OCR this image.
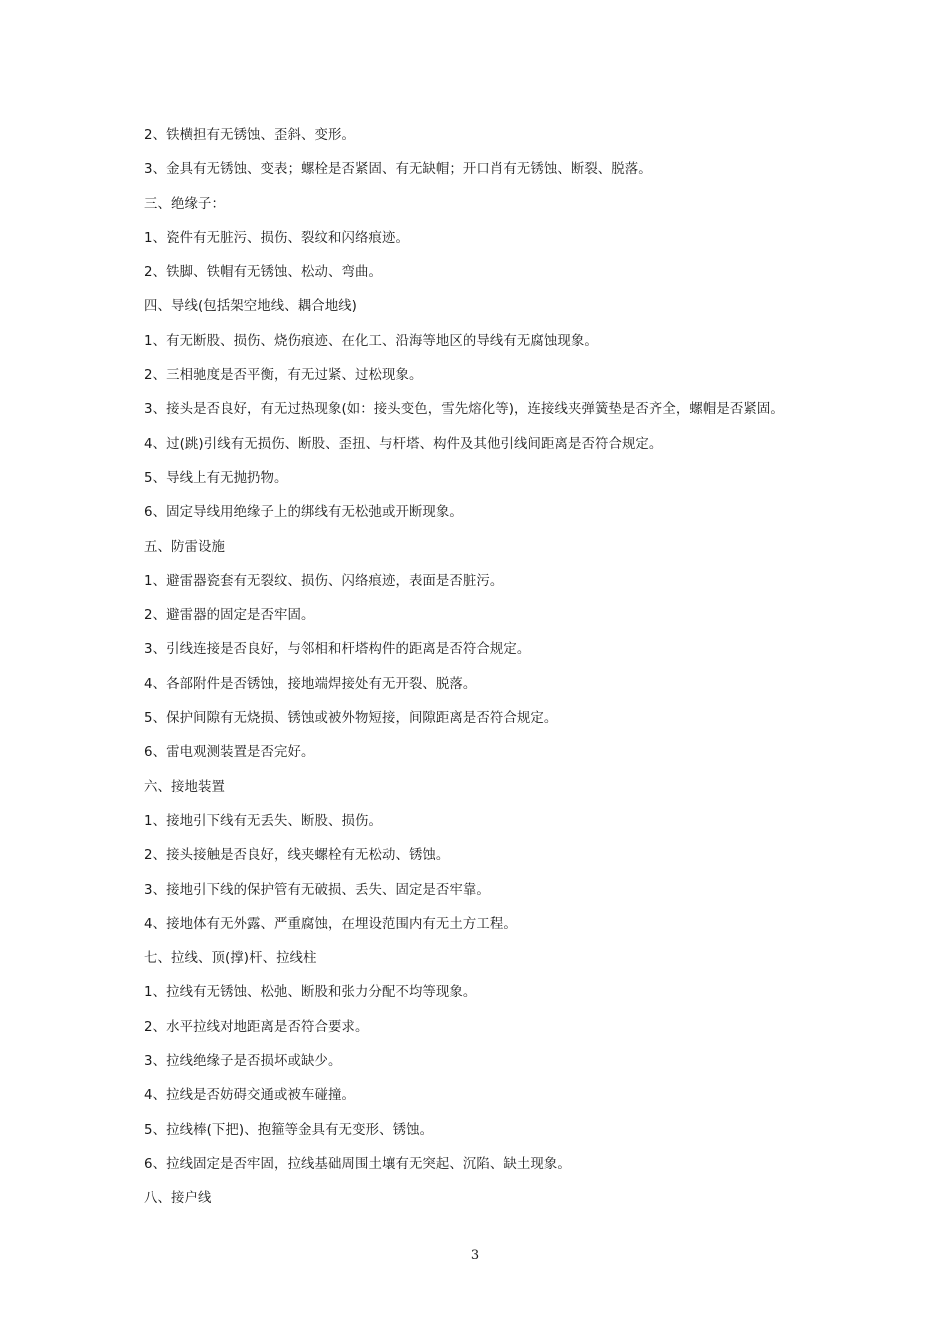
2、铁横担有无锈蚀、歪斜、变形。
3、金具有无锈蚀、变表；螺栓是否紧固、有无缺帽；开口肖有无锈蚀、断裂、脱落。
三、绝缘子：
1、瓷件有无脏污、损伤、裂纹和闪络痕迹。
2、铁脚、铁帽有无锈蚀、松动、弯曲。
四、导线(包括架空地线、耦合地线)
1、有无断股、损伤、烧伤痕迹、在化工、沿海等地区的导线有无腐蚀现象。
2、三相驰度是否平衡，有无过紧、过松现象。
3、接头是否良好，有无过热现象(如：接头变色，雪先熔化等)，连接线夹弹簧垫是否齐全，螺帽是否紧固。
4、过(跳)引线有无损伤、断股、歪扭、与杆塔、构件及其他引线间距离是否符合规定。
5、导线上有无抛扔物。
6、固定导线用绝缘子上的绑线有无松弛或开断现象。
五、防雷设施
1、避雷器瓷套有无裂纹、损伤、闪络痕迹，表面是否脏污。
2、避雷器的固定是否牢固。
3、引线连接是否良好，与邻相和杆塔构件的距离是否符合规定。
4、各部附件是否锈蚀，接地端焊接处有无开裂、脱落。
5、保护间隙有无烧损、锈蚀或被外物短接，间隙距离是否符合规定。
6、雷电观测装置是否完好。
六、接地装置
1、接地引下线有无丢失、断股、损伤。
2、接头接触是否良好，线夹螺栓有无松动、锈蚀。
3、接地引下线的保护管有无破损、丢失、固定是否牢靠。
4、接地体有无外露、严重腐蚀，在埋设范围内有无土方工程。
七、拉线、顶(撑)杆、拉线柱
1、拉线有无锈蚀、松弛、断股和张力分配不均等现象。
2、水平拉线对地距离是否符合要求。
3、拉线绝缘子是否损坏或缺少。
4、拉线是否妨碍交通或被车碰撞。
5、拉线棒(下把)、抱箍等金具有无变形、锈蚀。
6、拉线固定是否牢固，拉线基础周围土壤有无突起、沉陷、缺土现象。
八、接户线
3
